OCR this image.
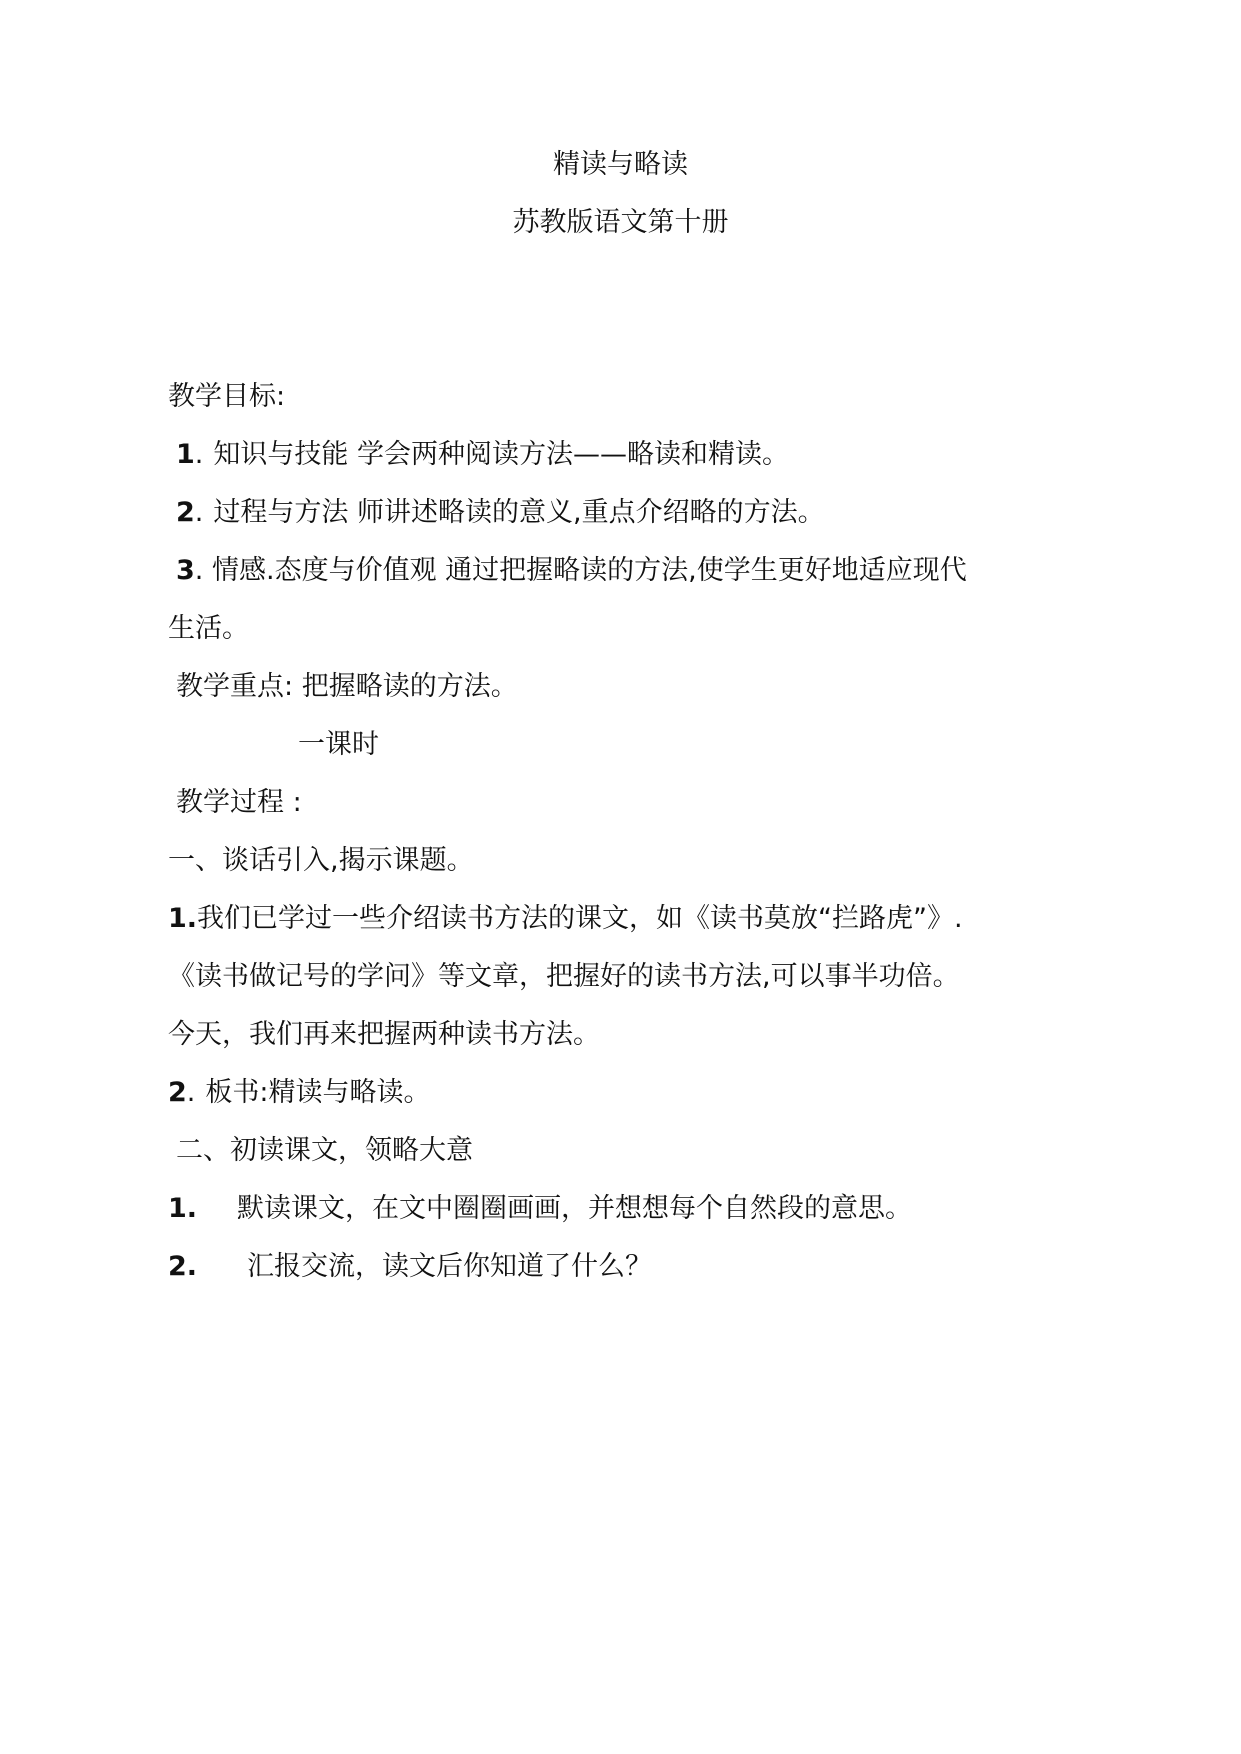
精读与略读
苏教版语文第十册
教学目标:
1. 知识与技能 学会两种阅读方法——略读和精读。
2. 过程与方法 师讲述略读的意义,重点介绍略的方法。
3. 情感.态度与价值观 通过把握略读的方法,使学生更好地适应现代
生活。
教学重点: 把握略读的方法。
一课时
教学过程 :
一、谈话引入,揭示课题。
1.我们已学过一些介绍读书方法的课文，如《读书莫放“拦路虎”》.
《读书做记号的学问》等文章，把握好的读书方法,可以事半功倍。
今天，我们再来把握两种读书方法。
2. 板书:精读与略读。
二、初读课文，领略大意
1. 默读课文，在文中圈圈画画，并想想每个自然段的意思。
2. 汇报交流，读文后你知道了什么？
